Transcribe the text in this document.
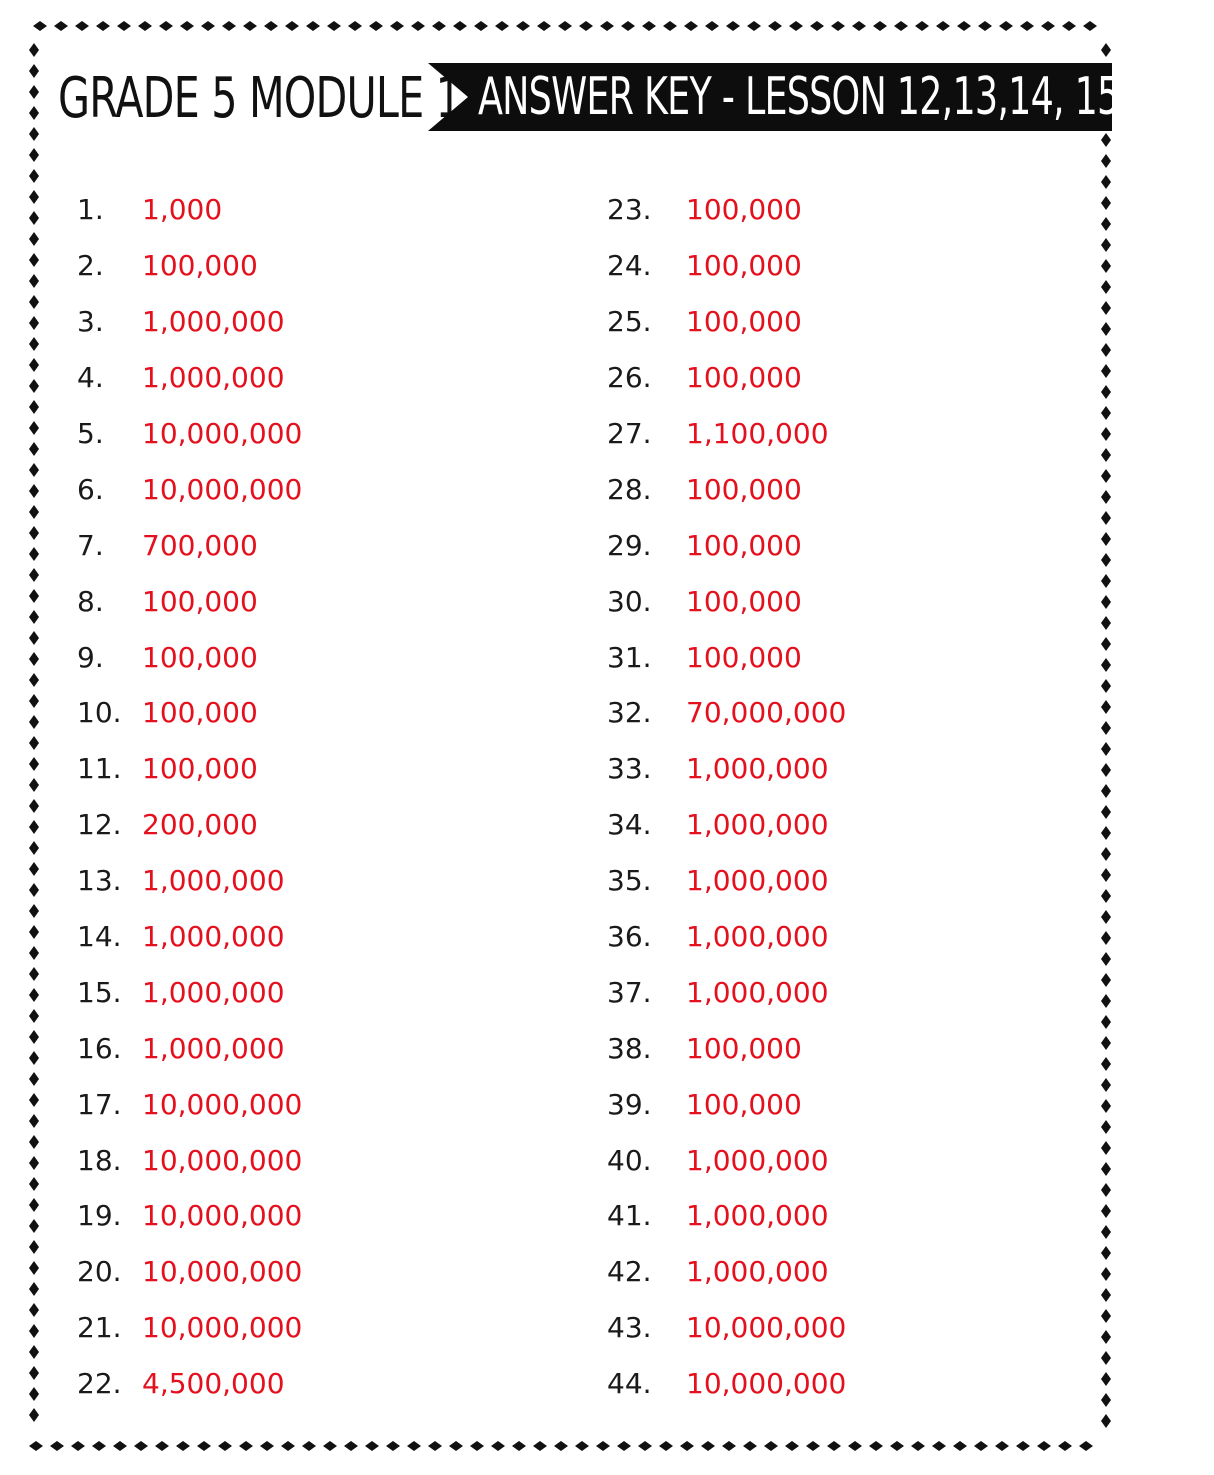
GRADE 5 MODULE 1 ANSWER KEY - LESSON 12,13,14, 15 & 16
1.	1,000
2.	100,000
3.	1,000,000
4.	1,000,000
5.	10,000,000
6.	10,000,000
7.	700,000
8.	100,000
9.	100,000
10. 100,000
11. 100,000
12. 200,000
13. 1,000,000
14. 1,000,000
15. 1,000,000
16. 1,000,000
17. 10,000,000
18. 10,000,000
19. 10,000,000
20. 10,000,000
21. 10,000,000
22. 4,500,000
23.	100,000
24.	100,000
25.	100,000
26.	100,000
27.	1,100,000
28.	100,000
29.	100,000
30.	100,000
31.	100,000
32.	70,000,000
33.	1,000,000
34.	1,000,000
35.	1,000,000
36.	1,000,000
37.	1,000,000
38.	100,000
39.	100,000
40.	1,000,000
41.	1,000,000
42.	1,000,000
43.	10,000,000
44.	10,000,000
